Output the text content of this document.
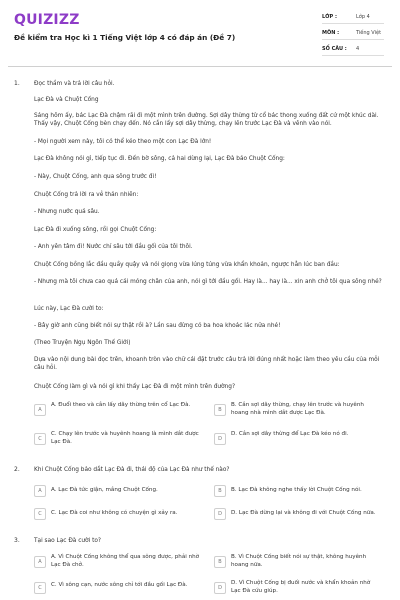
QUIZIZZ
Đề kiểm tra Học kì 1 Tiếng Việt lớp 4 có đáp án (Đề 7)
LỚP :	Lớp 4
MÔN :	Tiếng Việt
SỐ CÂU : 4
1. Đọc thầm và trả lời câu hỏi.
Lạc Đà và Chuột Cống
Sáng hôm ấy, bác Lạc Đà chậm rãi đi một mình trên đường. Sợi dây thừng từ cổ bác thong xuống đất cứ một khúc dài. Thấy vậy, Chuột Cống bèn chạy đến. Nó cắn lấy sợi dây thừng, chạy lên trước Lạc Đà và vênh vào nói.
- Mọi người xem này, tôi có thể kéo theo một con Lạc Đà lớn!
Lạc Đà không nói gì, tiếp tục đi. Đến bờ sông, cả hai dừng lại, Lạc Đà bảo Chuột Cống:
- Này, Chuột Cống, anh qua sông trước đi!
Chuột Cống trả lời ra vẻ thản nhiên:
- Nhưng nước quá sâu.
Lạc Đà đi xuống sông, rồi gọi Chuột Cống:
- Anh yên tâm đi! Nước chỉ sâu tới đầu gối của tôi thôi.
Chuột Cống bồng lắc đầu quầy quậy và nói giọng vừa lúng túng vừa khẩn khoản, ngược hẳn lúc ban đầu:
- Nhưng mà tôi chưa cao quá cái móng chân của anh, nói gì tới đầu gối. Hay là... hay là... xin anh chở tôi qua sông nhé?
Lúc này, Lạc Đà cười to:
- Bây giờ anh cũng biết nói sự thật rồi à? Lần sau đừng có ba hoa khoác lác nữa nhé!
(Theo Truyện Ngụ Ngôn Thế Giới)
Dựa vào nội dung bài đọc trên, khoanh tròn vào chữ cái đặt trước câu trả lời đúng nhất hoặc làm theo yêu cầu của mỗi câu hỏi.
Chuột Cống làm gì và nói gì khi thấy Lạc Đà đi một mình trên đường?
A
A. Đuổi theo và cắn lấy dây thừng trên cổ Lạc Đà.
B
B. Cắn sợi dây thừng, chạy lên trước và huyênh hoang nhà mình dắt được Lạc Đà.
C
C. Chạy lên trước và huyênh hoang là mình dắt được Lạc Đà.	D
D. Cắn sợi dây thừng để Lạc Đà kéo nó đi.
2. Khi Chuột Cống bảo dắt Lạc Đà đi, thái độ của Lạc Đà như thế nào?
A	A. Lạc Đà tức giận, mắng Chuột Cống.	B	B. Lạc Đà không nghe thấy lời Chuột Cống nói.
C	C. Lạc Đà coi như không có chuyện gì xảy ra.	D	D. Lạc Đà dừng lại và không đi với Chuột Cống nữa.
3. Tại sao Lạc Đà cười to?
A
A. Vì Chuột Cống không thể qua sông được, phải nhờ Lạc Đà chở.	B
B. Vì Chuột Cống biết nói sự thật, không huyênh hoang nữa.
C	C. Vì sông cạn, nước sông chỉ tới đầu gối Lạc Đà.	D
D. Vì Chuột Cống bị đuối nước và khẩn khoản nhờ Lạc Đà cứu giúp.
